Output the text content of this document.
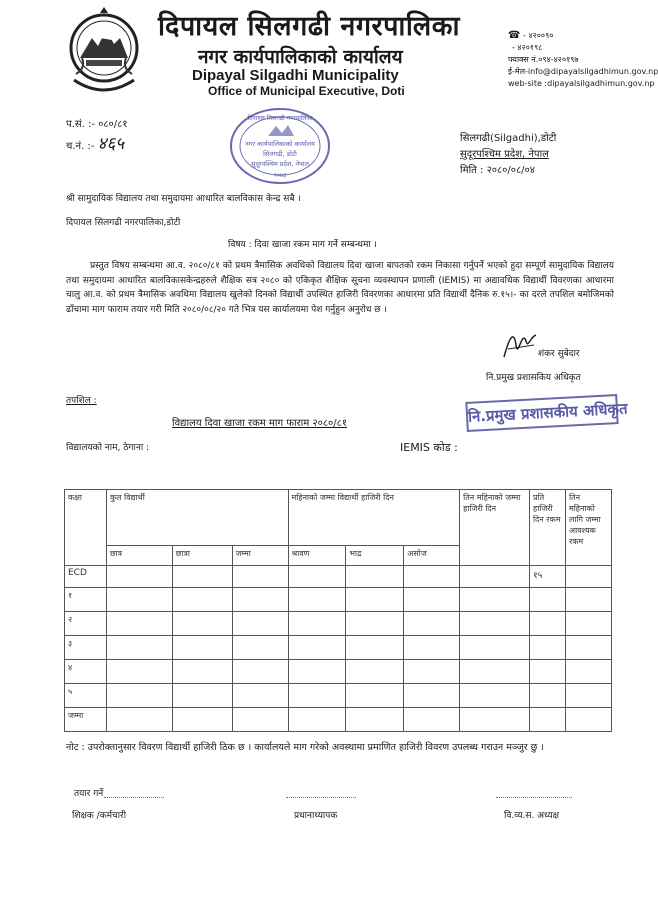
दिपायल सिलगढी नगरपालिका
नगर कार्यपालिकाको कार्यालय
Dipayal Silgadhi Municipality
Office of Municipal Executive, Doti
☎ - ४२००९०
- ४२०१९८
फ्याक्स नं.०९४-४२०१९७
ई-मेल-info@dipayalsilgadhimun.gov.np
web-site :dipayalsilgadhimun.gov.np
प.सं. :- ०८०/८१
च.नं. :- ४६५
दिपायल सिलगढी नगरपालिका
नगर कार्यपालिकाको कार्यालय
सिलगढी, डोटी
सुदूरपश्चिम प्रदेश, नेपाल
२०७३
सिलगढी(Silgadhi),डोटी
सुदूरपश्चिम प्रदेश, नेपाल
मिति : २०८०/०८/०४
श्री सामुदायिक विद्यालय तथा समुदायमा आधारित बालविकास केन्द्र सबै ।
दिपायल सिलगढी नगरपालिका,डोटी
विषय : दिवा खाजा रकम माग गर्ने सम्बन्धमा ।
प्रस्तुत विषय सम्बन्धमा आ.व. २०८०/८१ को प्रथम त्रैमासिक अवधिको विद्यालय दिवा खाजा बापतको रकम निकासा गर्नुपर्ने भएको हुदा सम्पूर्ण सामुदायिक विद्यालय तथा समुदायमा आधारित बालविकासकेन्द्रहरुले शैक्षिक सत्र २०८० को एकिकृत शैक्षिक सूचना व्यवस्थापन प्रणाली (IEMIS) मा अद्यावधिक विद्यार्थी विवरणका आधारमा चालु आ.व. को प्रथम त्रैमासिक अवधिमा विद्यालय खुलेको दिनको विद्यार्थी उपस्थित हाजिरी विवरणका आधारमा प्रति विद्यार्थी दैनिक रु.१५।- का दरले तपशिल बमोजिमको ढाँचामा माग फाराम तयार गरी मिति २०८०/०८/२० गते भित्र यस कार्यालयमा पेश गर्नुहुन अनुरोध छ ।
शंकर सुबेदार
नि.प्रमुख प्रशासकिय अधिकृत
तपशिल :	नि.प्रमुख प्रशासकीय अधिकृत
विद्यालय दिवा खाजा रकम माग फाराम २०८०/८१
विद्यालयको नाम, ठेगाना :	IEMIS कोड :
कक्षा	कुल विद्यार्थी			महिनाको जम्मा विद्यार्थी हाजिरी दिन			तिन महिनाको जम्मा हाजिरी दिन	प्रति हाजिरी दिन रकम	तिन महिनाको लागि जम्मा आवश्यक रकम
	छात्र	छात्रा	जम्मा	श्रावण	भाद्र	असोज			
ECD								१५	
१									
२									
३									
४									
५									
जम्मा									
नोट : उपरोक्तानुसार विवरण विद्यार्थी हाजिरी ठिक छ । कार्यालयले माग गरेको अवस्थामा प्रमाणित हाजिरी विवरण उपलब्ध गराउन मञ्जुर छु ।
तयार गर्ने
शिक्षक /कर्मचारी	प्रधानाध्यापक	वि.व्य.स. अध्यक्ष
